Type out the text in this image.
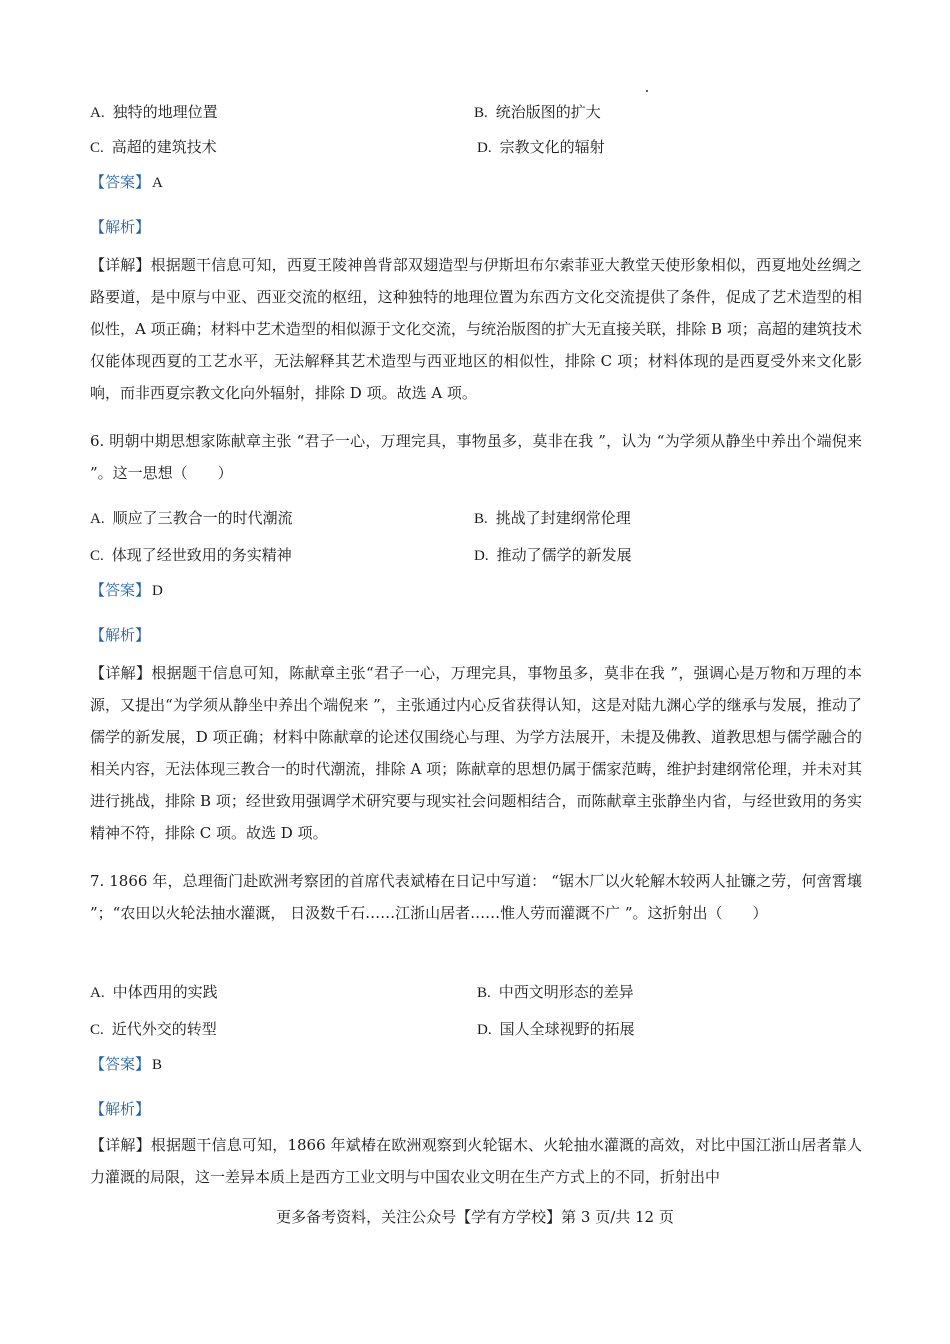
A. 独特的地理位置	B. 统治版图的扩大
C. 高超的建筑技术	D. 宗教文化的辐射
【答案】 A
【解析】
【详解】根据题干信息可知，西夏王陵神兽背部双翅造型与伊斯坦布尔索菲亚大教堂天使形象相似，西夏地处丝绸之路要道，是中原与中亚、西亚交流的枢纽，这种独特的地理位置为东西方文化交流提供了条件，促成了艺术造型的相似性，A 项正确；材料中艺术造型的相似源于文化交流，与统治版图的扩大无直接关联，排除 B 项；高超的建筑技术仅能体现西夏的工艺水平，无法解释其艺术造型与西亚地区的相似性，排除 C 项；材料体现的是西夏受外来文化影响，而非西夏宗教文化向外辐射，排除 D 项。故选 A 项。
6. 明朝中期思想家陈献章主张 “君子一心，万理完具，事物虽多，莫非在我 ”，认为 “为学须从静坐中养出个端倪来 ”。这一思想（　　）
A. 顺应了三教合一的时代潮流	B. 挑战了封建纲常伦理
C. 体现了经世致用的务实精神	D. 推动了儒学的新发展
【答案】 D
【解析】
【详解】根据题干信息可知，陈献章主张“君子一心，万理完具，事物虽多，莫非在我 ”，强调心是万物和万理的本源，又提出“为学须从静坐中养出个端倪来 ”，主张通过内心反省获得认知，这是对陆九渊心学的继承与发展，推动了儒学的新发展，D 项正确；材料中陈献章的论述仅围绕心与理、为学方法展开，未提及佛教、道教思想与儒学融合的相关内容，无法体现三教合一的时代潮流，排除 A 项；陈献章的思想仍属于儒家范畴，维护封建纲常伦理，并未对其进行挑战，排除 B 项；经世致用强调学术研究要与现实社会问题相结合，而陈献章主张静坐内省，与经世致用的务实精神不符，排除 C 项。故选 D 项。
7. 1866 年，总理衙门赴欧洲考察团的首席代表斌椿在日记中写道： “锯木厂以火轮解木较两人扯镰之劳，何啻霄壤 ”；“农田以火轮法抽水灌溉， 日汲数千石……江浙山居者……惟人劳而灌溉不广 ”。这折射出（　　）
A. 中体西用的实践	B. 中西文明形态的差异
C. 近代外交的转型	D. 国人全球视野的拓展
【答案】 B
【解析】
【详解】根据题干信息可知，1866 年斌椿在欧洲观察到火轮锯木、火轮抽水灌溉的高效，对比中国江浙山居者靠人力灌溉的局限，这一差异本质上是西方工业文明与中国农业文明在生产方式上的不同，折射出中
更多备考资料，关注公众号【学有方学校】第 3 页/共 12 页
